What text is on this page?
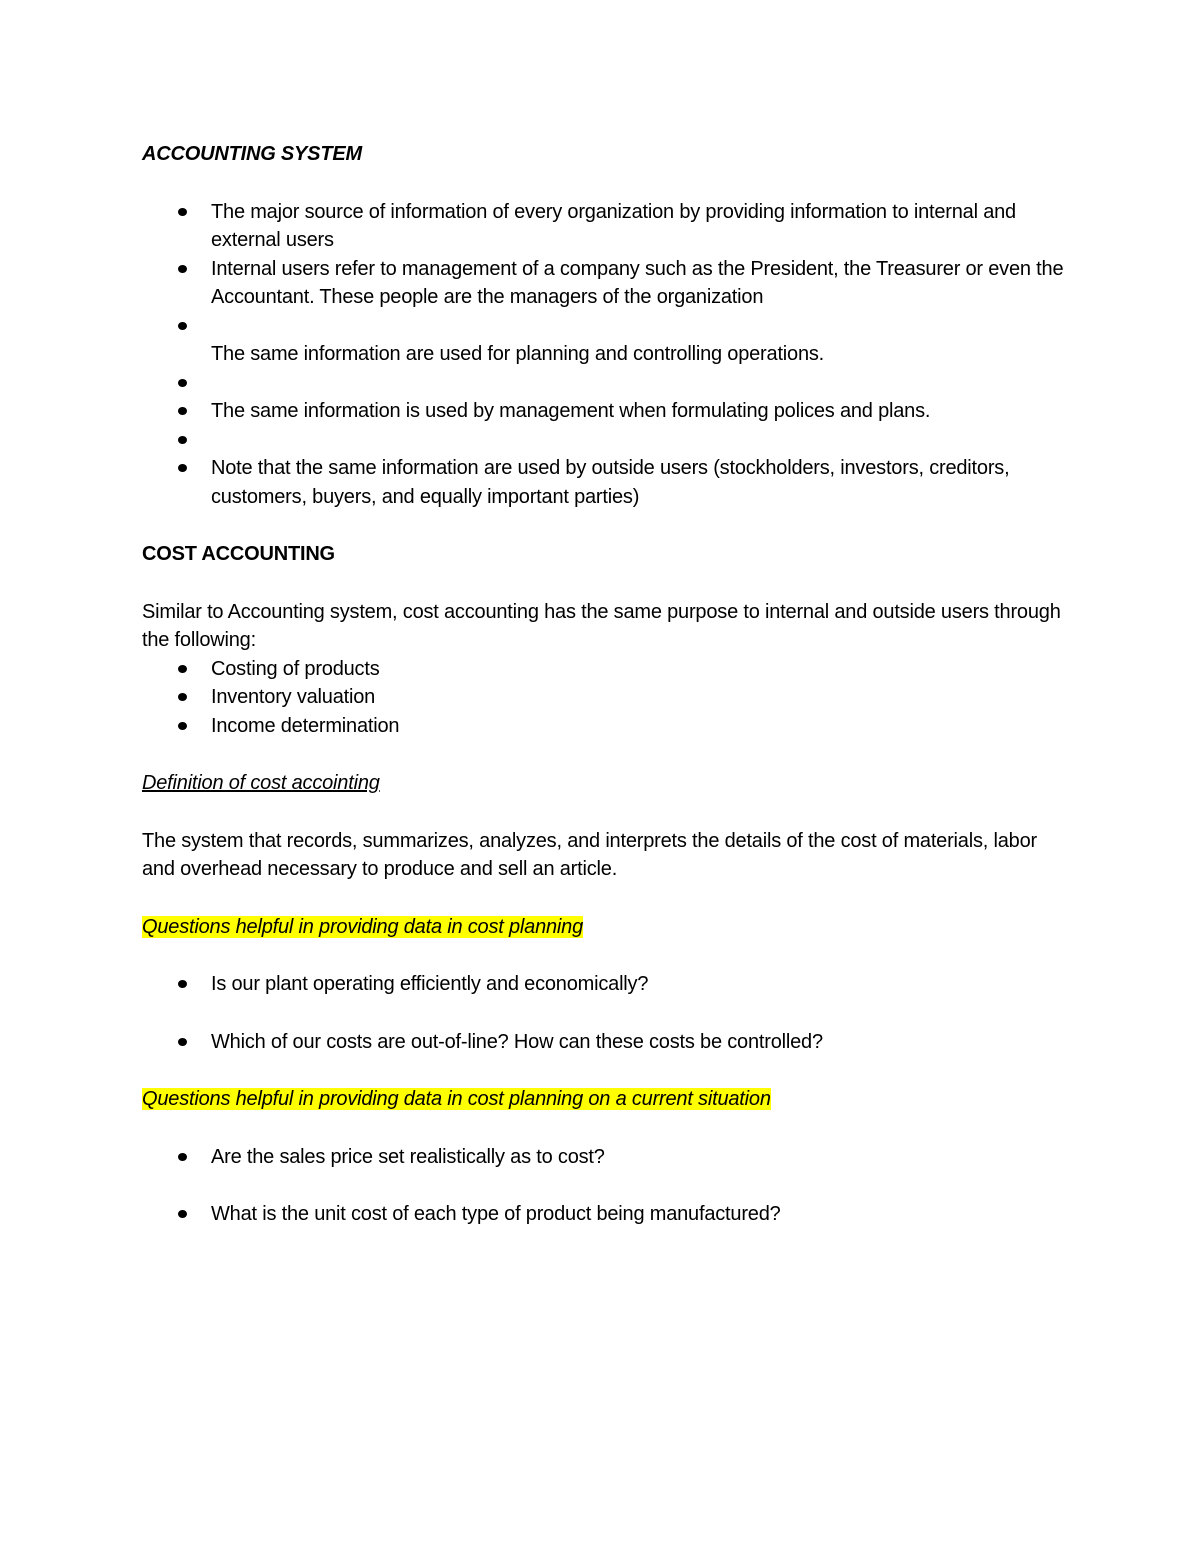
ACCOUNTING SYSTEM
The major source of information of every organization by providing information to internal and external users
Internal users refer to management of a company such as the President, the Treasurer or even the Accountant. These people are the managers of the organization
The same information are used for planning and controlling operations.
The same information is used by management when formulating polices and plans.
Note that the same information are used by outside users (stockholders, investors, creditors, customers, buyers, and equally important parties)
COST ACCOUNTING

Similar to Accounting system, cost accounting has the same purpose to internal and outside users through the following:

Costing of products
Inventory valuation
Income determination

Definition of cost accointing

The system that records, summarizes, analyzes, and interprets the details of the cost of materials, labor and overhead necessary to produce and sell an article.

Questions helpful in providing data in cost planning

Is our plant operating efficiently and economically?
Which of our costs are out-of-line? How can these costs be controlled?

Questions helpful in providing data in cost planning on a current situation

Are the sales price set realistically as to cost?
What is the unit cost of each type of product being manufactured?
